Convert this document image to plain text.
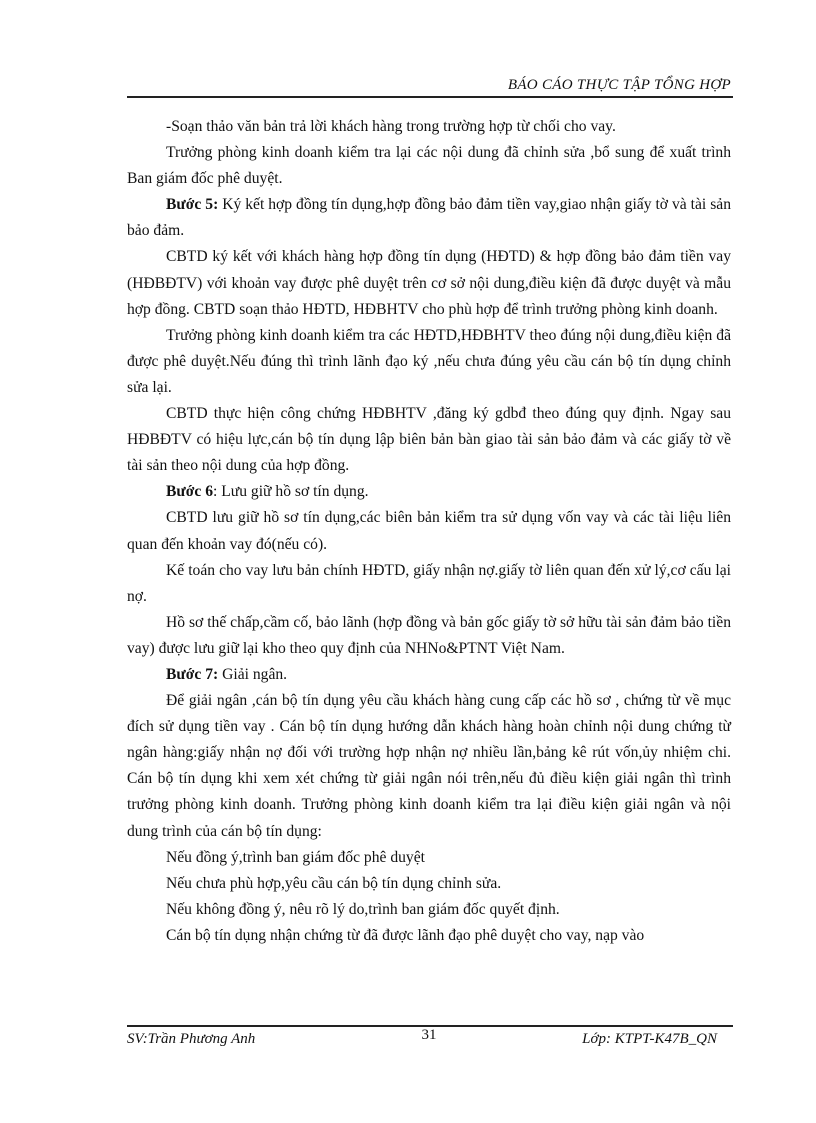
BÁO CÁO THỰC TẬP TỔNG HỢP

-Soạn thảo văn bản trả lời khách hàng trong trường hợp từ chối cho vay.

Trưởng phòng kinh doanh kiểm tra lại các nội dung đã chỉnh sửa ,bổ sung để xuất trình Ban giám đốc phê duyệt.

Bước 5: Ký kết hợp đồng tín dụng,hợp đồng bảo đảm tiền vay,giao nhận giấy tờ và tài sản bảo đảm.

CBTD ký kết với khách hàng hợp đồng tín dụng (HĐTD) & hợp đồng bảo đảm tiền vay (HĐBĐTV) với khoản vay được phê duyệt trên cơ sở nội dung,điều kiện đã được duyệt và mẫu hợp đồng. CBTD soạn thảo HĐTD, HĐBHTV cho phù hợp để trình trưởng phòng kinh doanh.

Trưởng phòng kinh doanh kiểm tra các HĐTD,HĐBHTV theo đúng nội dung,điều kiện đã được phê duyệt.Nếu đúng thì trình lãnh đạo ký ,nếu chưa đúng yêu cầu cán bộ tín dụng chỉnh sửa lại.

CBTD thực hiện công chứng HĐBHTV ,đăng ký gdbđ theo đúng quy định. Ngay sau HĐBĐTV có hiệu lực,cán bộ tín dụng lập biên bản bàn giao tài sản bảo đảm và các giấy tờ về tài sản theo nội dung của hợp đồng.

Bước 6: Lưu giữ hồ sơ tín dụng.

CBTD lưu giữ hồ sơ tín dụng,các biên bản kiểm tra sử dụng vốn vay và các tài liệu liên quan đến khoản vay đó(nếu có).

Kế toán cho vay lưu bản chính HĐTD, giấy nhận nợ.giấy tờ liên quan đến xử lý,cơ cấu lại nợ.

Hồ sơ thế chấp,cầm cố, bảo lãnh (hợp đồng và bản gốc giấy tờ sở hữu tài sản đảm bảo tiền vay) được lưu giữ lại kho theo quy định của NHNo&PTNT Việt Nam.

Bước 7: Giải ngân.

Để giải ngân ,cán bộ tín dụng yêu cầu khách hàng cung cấp các hồ sơ , chứng từ về mục đích sử dụng tiền vay . Cán bộ tín dụng hướng dẫn khách hàng hoàn chỉnh nội dung chứng từ ngân hàng:giấy nhận nợ đối với trường hợp nhận nợ nhiều lần,bảng kê rút vốn,ủy nhiệm chi. Cán bộ tín dụng khi xem xét chứng từ giải ngân nói trên,nếu đủ điều kiện giải ngân thì trình trưởng phòng kinh doanh. Trưởng phòng kinh doanh kiểm tra lại điều kiện giải ngân và nội dung trình của cán bộ tín dụng:

Nếu đồng ý,trình ban giám đốc phê duyệt

Nếu chưa phù hợp,yêu cầu cán bộ tín dụng chỉnh sửa.

Nếu không đồng ý, nêu rõ lý do,trình ban giám đốc quyết định.

Cán bộ tín dụng nhận chứng từ đã được lãnh đạo phê duyệt cho vay, nạp vào

SV:Trần Phương Anh	31	Lớp: KTPT-K47B_QN
